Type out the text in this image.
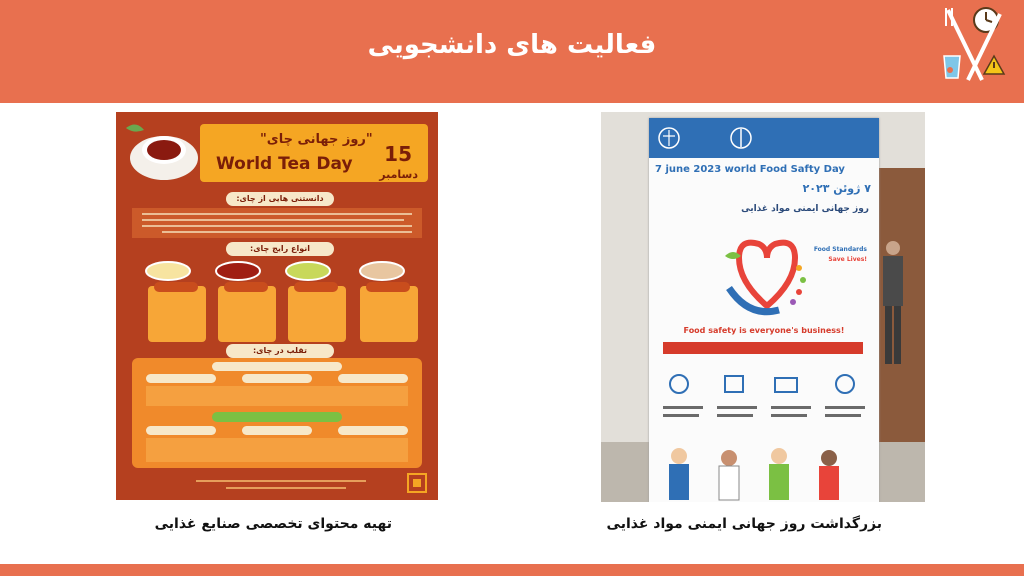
فعالیت های دانشجویی
"روز جهانی چای"
World Tea Day 15
دسامبر
دانستنی هایی از چای:
انواع رایج چای:
تقلب در چای:
7 june 2023 world Food Safty Day
۷ ژوئن ۲۰۲۳
روز جهانی ایمنی مواد غذایی
Food Standards
Save Lives!
Food safety is everyone's business!
تهیه محتوای تخصصی صنایع غذایی	بزرگداشت روز جهانی ایمنی مواد غذایی
